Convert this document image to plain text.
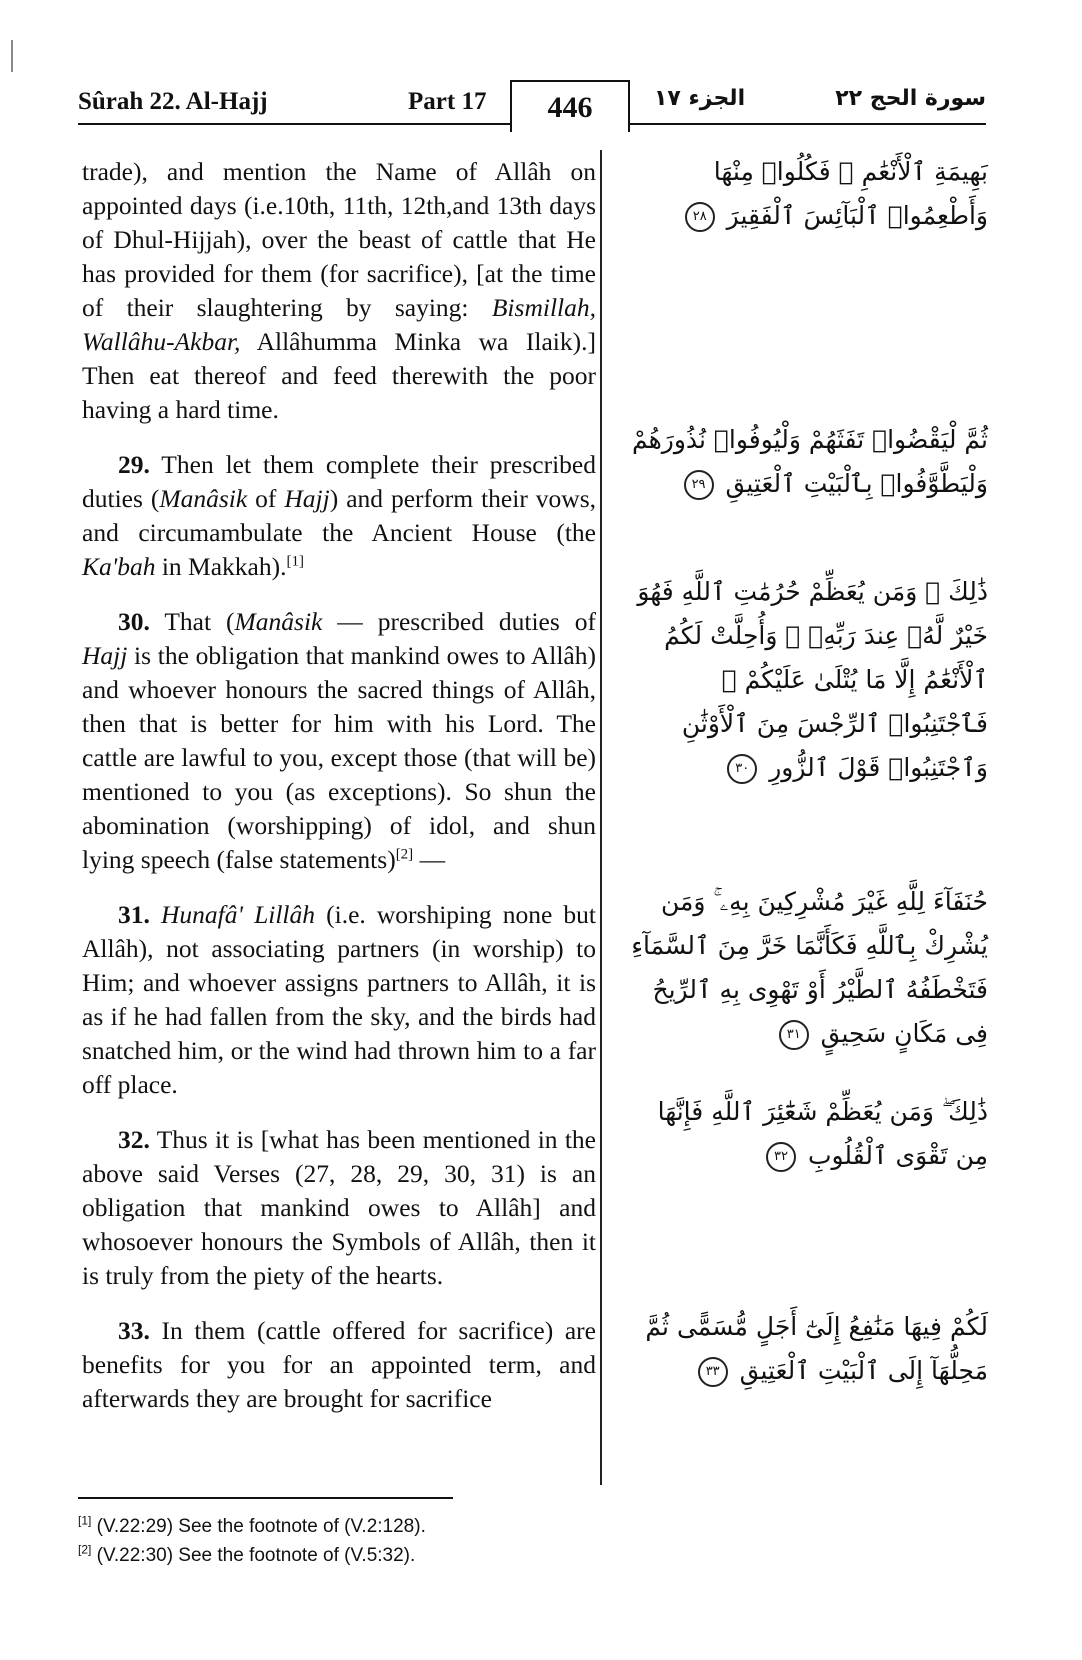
Sûrah 22. Al-Hajj	Part 17	446	الجزء ١٧	سورة الحج ٢٢

trade), and mention the Name of Allâh on appointed days (i.e.10th, 11th, 12th,and 13th days of Dhul-Hijjah), over the beast of cattle that He has provided for them (for sacrifice), [at the time of their slaughtering by saying: Bismillah, Wallâhu-Akbar, Allâhumma Minka wa Ilaik).] Then eat thereof and feed therewith the poor having a hard time.

29. Then let them complete their prescribed duties (Manâsik of Hajj) and perform their vows, and circumambulate the Ancient House (the Ka'bah in Makkah).[1]

30. That (Manâsik — prescribed duties of Hajj is the obligation that mankind owes to Allâh) and whoever honours the sacred things of Allâh, then that is better for him with his Lord. The cattle are lawful to you, except those (that will be) mentioned to you (as exceptions). So shun the abomination (worshipping) of idol, and shun lying speech (false statements)[2] —

31. Hunafâ' Lillâh (i.e. worshiping none but Allâh), not associating partners (in worship) to Him; and whoever assigns partners to Allâh, it is as if he had fallen from the sky, and the birds had snatched him, or the wind had thrown him to a far off place.

32. Thus it is [what has been mentioned in the above said Verses (27, 28, 29, 30, 31) is an obligation that mankind owes to Allâh] and whosoever honours the Symbols of Allâh, then it is truly from the piety of the hearts.

33. In them (cattle offered for sacrifice) are benefits for you for an appointed term, and afterwards they are brought for sacrifice

بَهِيمَةِ ٱلْأَنْعَٰمِ ۖ فَكُلُوا۟ مِنْهَا وَأَطْعِمُوا۟ ٱلْبَآئِسَ ٱلْفَقِيرَ ٢٨
ثُمَّ لْيَقْضُوا۟ تَفَثَهُمْ وَلْيُوفُوا۟ نُذُورَهُمْ وَلْيَطَّوَّفُوا۟ بِٱلْبَيْتِ ٱلْعَتِيقِ ٢٩
ذَٰلِكَ ۖ وَمَن يُعَظِّمْ حُرُمَٰتِ ٱللَّهِ فَهُوَ خَيْرٌ لَّهُۥ عِندَ رَبِّهِۦ ۗ وَأُحِلَّتْ لَكُمُ ٱلْأَنْعَٰمُ إِلَّا مَا يُتْلَىٰ عَلَيْكُمْ ۖ فَٱجْتَنِبُوا۟ ٱلرِّجْسَ مِنَ ٱلْأَوْثَٰنِ وَٱجْتَنِبُوا۟ قَوْلَ ٱلزُّورِ ٣٠
حُنَفَآءَ لِلَّهِ غَيْرَ مُشْرِكِينَ بِهِۦ ۚ وَمَن يُشْرِكْ بِٱللَّهِ فَكَأَنَّمَا خَرَّ مِنَ ٱلسَّمَآءِ فَتَخْطَفُهُ ٱلطَّيْرُ أَوْ تَهْوِى بِهِ ٱلرِّيحُ فِى مَكَانٍ سَحِيقٍ ٣١
ذَٰلِكَ ۖ وَمَن يُعَظِّمْ شَعَٰٓئِرَ ٱللَّهِ فَإِنَّهَا مِن تَقْوَى ٱلْقُلُوبِ ٣٢
لَكُمْ فِيهَا مَنَٰفِعُ إِلَىٰٓ أَجَلٍ مُّسَمًّى ثُمَّ مَحِلُّهَآ إِلَى ٱلْبَيْتِ ٱلْعَتِيقِ ٣٣
[1] (V.22:29) See the footnote of (V.2:128).
[2] (V.22:30) See the footnote of (V.5:32).
